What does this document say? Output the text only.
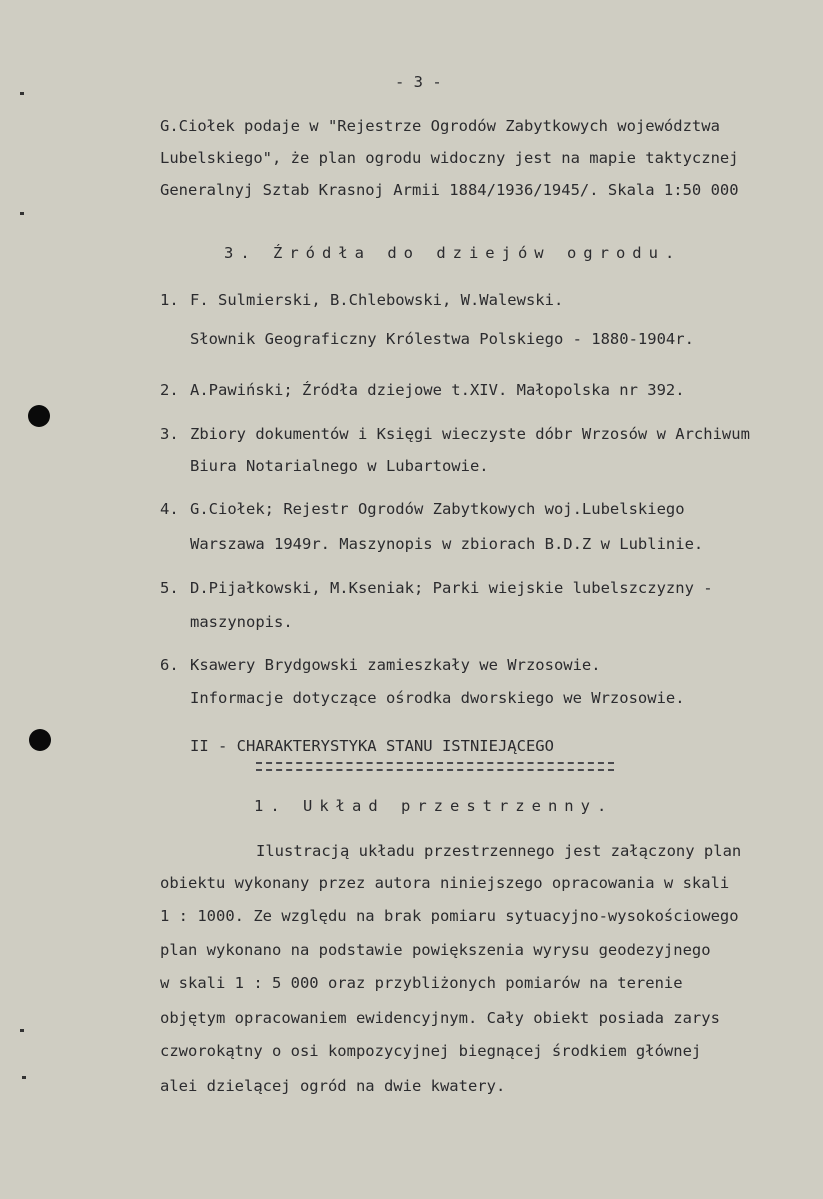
- 3 -
G.Ciołek podaje w "Rejestrze Ogrodów Zabytkowych województwa
Lubelskiego", że plan ogrodu widoczny jest na mapie taktycznej
Generalnyj Sztab Krasnoj Armii 1884/1936/1945/. Skala 1:50 000
3. Źródła do dziejów ogrodu.
1. F. Sulmierski, B.Chlebowski, W.Walewski.
Słownik Geograficzny Królestwa Polskiego - 1880-1904r.
2. A.Pawiński; Źródła dziejowe t.XIV. Małopolska nr 392.
3. Zbiory dokumentów i Księgi wieczyste dóbr Wrzosów w Archiwum
Biura Notarialnego w Lubartowie.
4. G.Ciołek; Rejestr Ogrodów Zabytkowych woj.Lubelskiego
Warszawa 1949r. Maszynopis w zbiorach B.D.Z w Lublinie.
5. D.Pijałkowski, M.Kseniak; Parki wiejskie lubelszczyzny -
maszynopis.
6. Ksawery Brydgowski zamieszkały we Wrzosowie.
Informacje dotyczące ośrodka dworskiego we Wrzosowie.
II - CHARAKTERYSTYKA STANU ISTNIEJĄCEGO
1. Układ przestrzenny.
Ilustracją układu przestrzennego jest załączony plan
obiektu wykonany przez autora niniejszego opracowania w skali
1 : 1000. Ze względu na brak pomiaru sytuacyjno-wysokościowego
plan wykonano na podstawie powiększenia wyrysu geodezyjnego
w skali 1 : 5 000 oraz przybliżonych pomiarów na terenie
objętym opracowaniem ewidencyjnym. Cały obiekt posiada zarys
czworokątny o osi kompozycyjnej biegnącej środkiem głównej
alei dzielącej ogród na dwie kwatery.
